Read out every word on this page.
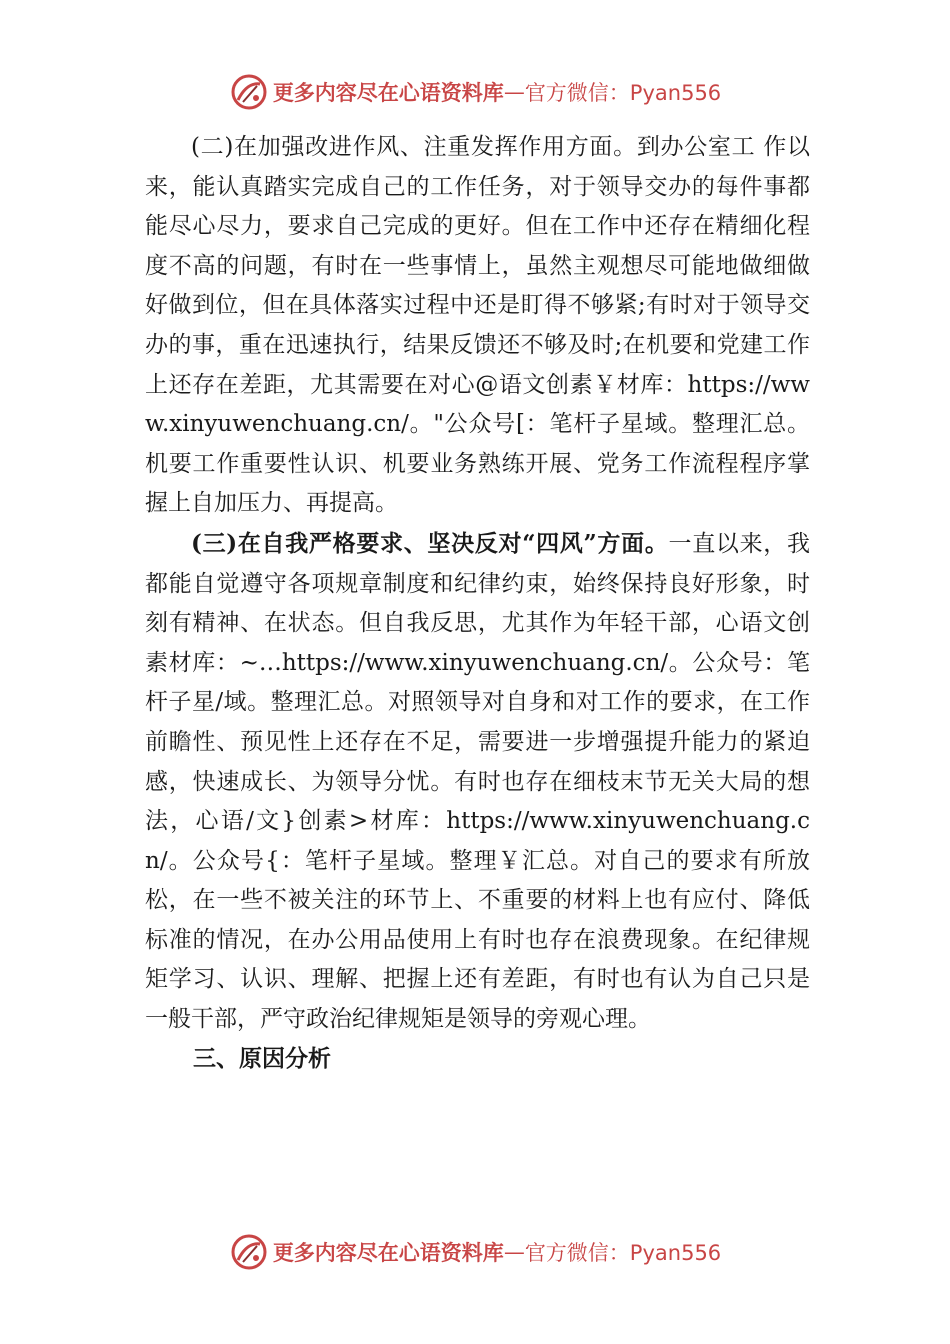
更多内容尽在心语资料库 — 官方微信：Pyan556

(二)在加强改进作风、注重发挥作用方面。到办公室工 作以来，能认真踏实完成自己的工作任务，对于领导交办的每件事都能尽心尽力，要求自己完成的更好。但在工作中还存在精细化程度不高的问题，有时在一些事情上，虽然主观想尽可能地做细做好做到位，但在具体落实过程中还是盯得不够紧;有时对于领导交办的事，重在迅速执行，结果反馈还不够及时;在机要和党建工作上还存在差距，尤其需要在对心@语文创素￥材库：https://www.xinyuwenchuang.cn/。"公众号[：笔杆子星域。整理汇总。机要工作重要性认识、机要业务熟练开展、党务工作流程程序掌握上自加压力、再提高。

(三)在自我严格要求、坚决反对“四风”方面。一直以来，我都能自觉遵守各项规章制度和纪律约束，始终保持良好形象，时刻有精神、在状态。但自我反思，尤其作为年轻干部，心语文创素材库：~…https://www.xinyuwenchuang.cn/。公众号：笔杆子星/域。整理汇总。对照领导对自身和对工作的要求，在工作前瞻性、预见性上还存在不足，需要进一步增强提升能力的紧迫感，快速成长、为领导分忧。有时也存在细枝末节无关大局的想法，心语/文}创素>材库：https://www.xinyuwenchuang.cn/。公众号{：笔杆子星域。整理￥汇总。对自己的要求有所放松，在一些不被关注的环节上、不重要的材料上也有应付、降低标准的情况，在办公用品使用上有时也存在浪费现象。在纪律规矩学习、认识、理解、把握上还有差距，有时也有认为自己只是一般干部，严守政治纪律规矩是领导的旁观心理。

三、原因分析

更多内容尽在心语资料库 — 官方微信：Pyan556
